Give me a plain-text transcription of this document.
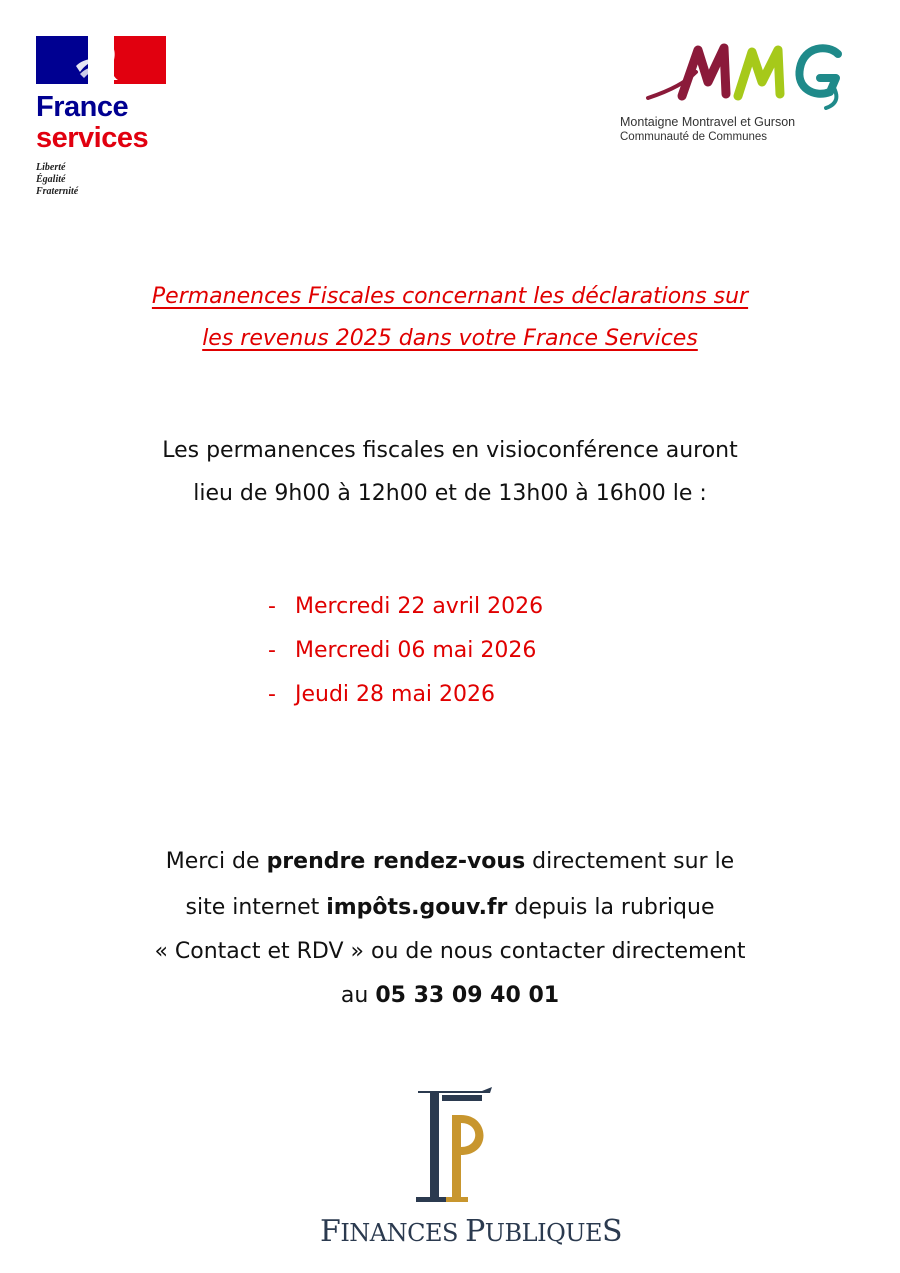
France
services
Liberté
Égalité
Fraternité
Montaigne Montravel et Gurson
Communauté de Communes
Permanences Fiscales concernant les déclarations sur
les revenus 2025 dans votre France Services
Les permanences fiscales en visioconférence auront
lieu de 9h00 à 12h00 et de 13h00 à 16h00 le :
- Mercredi 22 avril 2026
- Mercredi 06 mai 2026
- Jeudi 28 mai 2026
Merci de prendre rendez-vous directement sur le
site internet impôts.gouv.fr depuis la rubrique
« Contact et RDV » ou de nous contacter directement
au 05 33 09 40 01
FINANCES PUBLIQUES
